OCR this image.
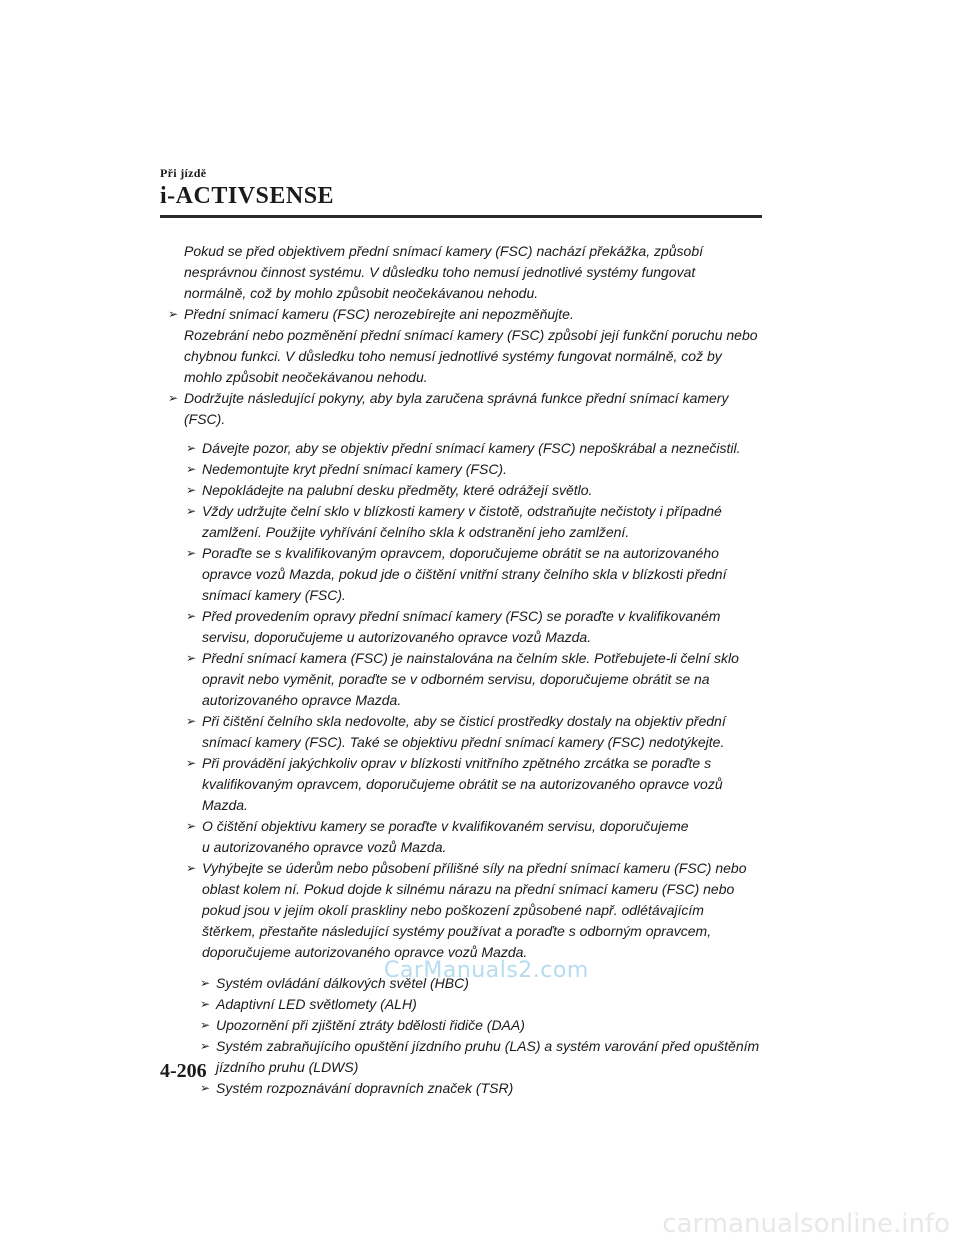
Při jízdě
i-ACTIVSENSE
Pokud se před objektivem přední snímací kamery (FSC) nachází překážka, způsobí
nesprávnou činnost systému. V důsledku toho nemusí jednotlivé systémy fungovat
normálně, což by mohlo způsobit neočekávanou nehodu.
➢ Přední snímací kameru (FSC) nerozebírejte ani nepozměňujte.
Rozebrání nebo pozměnění přední snímací kamery (FSC) způsobí její funkční poruchu nebo
chybnou funkci. V důsledku toho nemusí jednotlivé systémy fungovat normálně, což by
mohlo způsobit neočekávanou nehodu.
➢ Dodržujte následující pokyny, aby byla zaručena správná funkce přední snímací kamery
(FSC).
➢ Dávejte pozor, aby se objektiv přední snímací kamery (FSC) nepoškrábal a neznečistil.
➢ Nedemontujte kryt přední snímací kamery (FSC).
➢ Nepokládejte na palubní desku předměty, které odrážejí světlo.
➢ Vždy udržujte čelní sklo v blízkosti kamery v čistotě, odstraňujte nečistoty i případné
zamlžení. Použijte vyhřívání čelního skla k odstranění jeho zamlžení.
➢ Poraďte se s kvalifikovaným opravcem, doporučujeme obrátit se na autorizovaného
opravce vozů Mazda, pokud jde o čištění vnitřní strany čelního skla v blízkosti přední
snímací kamery (FSC).
➢ Před provedením opravy přední snímací kamery (FSC) se poraďte v kvalifikovaném
servisu, doporučujeme u autorizovaného opravce vozů Mazda.
➢ Přední snímací kamera (FSC) je nainstalována na čelním skle. Potřebujete-li čelní sklo
opravit nebo vyměnit, poraďte se v odborném servisu, doporučujeme obrátit se na
autorizovaného opravce Mazda.
➢ Při čištění čelního skla nedovolte, aby se čisticí prostředky dostaly na objektiv přední
snímací kamery (FSC). Také se objektivu přední snímací kamery (FSC) nedotýkejte.
➢ Při provádění jakýchkoliv oprav v blízkosti vnitřního zpětného zrcátka se poraďte s
kvalifikovaným opravcem, doporučujeme obrátit se na autorizovaného opravce vozů
Mazda.
➢ O čištění objektivu kamery se poraďte v kvalifikovaném servisu, doporučujeme
u autorizovaného opravce vozů Mazda.
➢ Vyhýbejte se úderům nebo působení přílišné síly na přední snímací kameru (FSC) nebo
oblast kolem ní. Pokud dojde k silnému nárazu na přední snímací kameru (FSC) nebo
pokud jsou v jejím okolí praskliny nebo poškození způsobené např. odlétávajícím
štěrkem, přestaňte následující systémy používat a poraďte s odborným opravcem,
doporučujeme autorizovaného opravce vozů Mazda.
➢ Systém ovládání dálkových světel (HBC)
➢ Adaptivní LED světlomety (ALH)
➢ Upozornění při zjištění ztráty bdělosti řidiče (DAA)
➢ Systém zabraňujícího opuštění jízdního pruhu (LAS) a systém varování před opuštěním
jízdního pruhu (LDWS)
➢ Systém rozpoznávání dopravních značek (TSR)
4-206
CarManuals2.com
carmanualsonline.info
